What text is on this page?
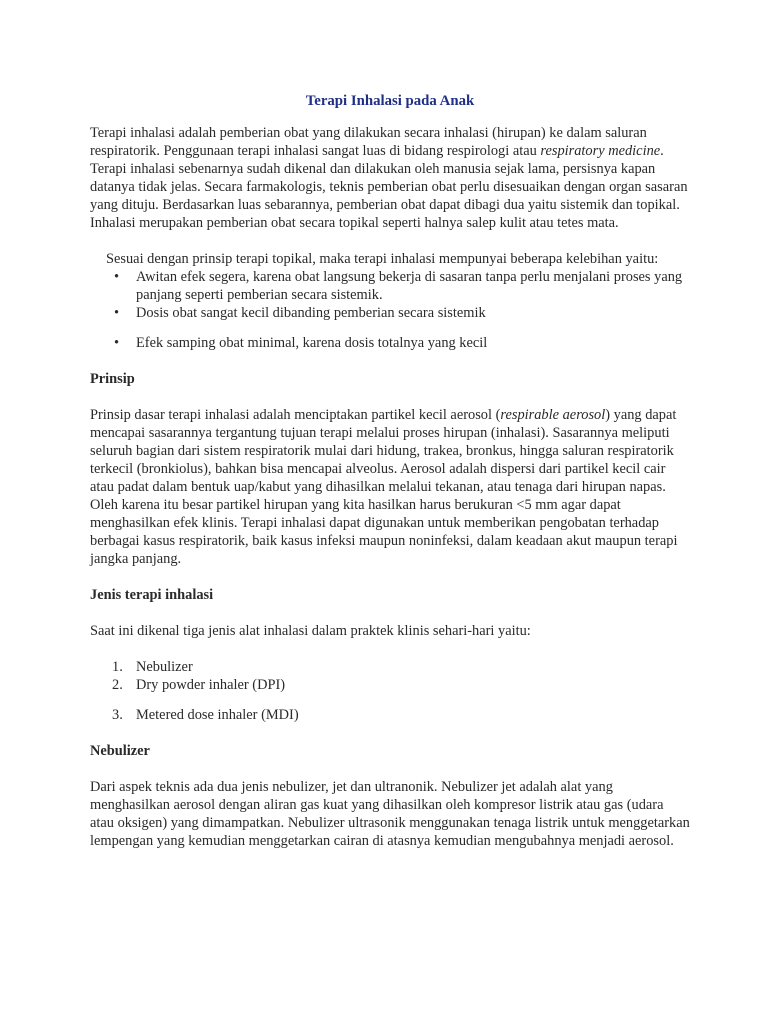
Terapi Inhalasi pada Anak

Terapi inhalasi adalah pemberian obat yang dilakukan secara inhalasi (hirupan) ke dalam saluran respiratorik. Penggunaan terapi inhalasi sangat luas di bidang respirologi atau respiratory medicine. Terapi inhalasi sebenarnya sudah dikenal dan dilakukan oleh manusia sejak lama, persisnya kapan datanya tidak jelas. Secara farmakologis, teknis pemberian obat perlu disesuaikan dengan organ sasaran yang dituju. Berdasarkan luas sebarannya, pemberian obat dapat dibagi dua yaitu sistemik dan topikal. Inhalasi merupakan pemberian obat secara topikal seperti halnya salep kulit atau tetes mata.

Sesuai dengan prinsip terapi topikal, maka terapi inhalasi mempunyai beberapa kelebihan yaitu:

• Awitan efek segera, karena obat langsung bekerja di sasaran tanpa perlu menjalani proses yang panjang seperti pemberian secara sistemik.
• Dosis obat sangat kecil dibanding pemberian secara sistemik
• Efek samping obat minimal, karena dosis totalnya yang kecil

Prinsip

Prinsip dasar terapi inhalasi adalah menciptakan partikel kecil aerosol (respirable aerosol) yang dapat mencapai sasarannya tergantung tujuan terapi melalui proses hirupan (inhalasi). Sasarannya meliputi seluruh bagian dari sistem respiratorik mulai dari hidung, trakea, bronkus, hingga saluran respiratorik terkecil (bronkiolus), bahkan bisa mencapai alveolus. Aerosol adalah dispersi dari partikel kecil cair atau padat dalam bentuk uap/kabut yang dihasilkan melalui tekanan, atau tenaga dari hirupan napas. Oleh karena itu besar partikel hirupan yang kita hasilkan harus berukuran <5 mm agar dapat menghasilkan efek klinis. Terapi inhalasi dapat digunakan untuk memberikan pengobatan terhadap berbagai kasus respiratorik, baik kasus infeksi maupun noninfeksi, dalam keadaan akut maupun terapi jangka panjang.

Jenis terapi inhalasi

Saat ini dikenal tiga jenis alat inhalasi dalam praktek klinis sehari-hari yaitu:

1. Nebulizer
2. Dry powder inhaler (DPI)
3. Metered dose inhaler (MDI)

Nebulizer

Dari aspek teknis ada dua jenis nebulizer, jet dan ultranonik. Nebulizer jet adalah alat yang menghasilkan aerosol dengan aliran gas kuat yang dihasilkan oleh kompresor listrik atau gas (udara atau oksigen) yang dimampatkan. Nebulizer ultrasonik menggunakan tenaga listrik untuk menggetarkan lempengan yang kemudian menggetarkan cairan di atasnya kemudian mengubahnya menjadi aerosol.
